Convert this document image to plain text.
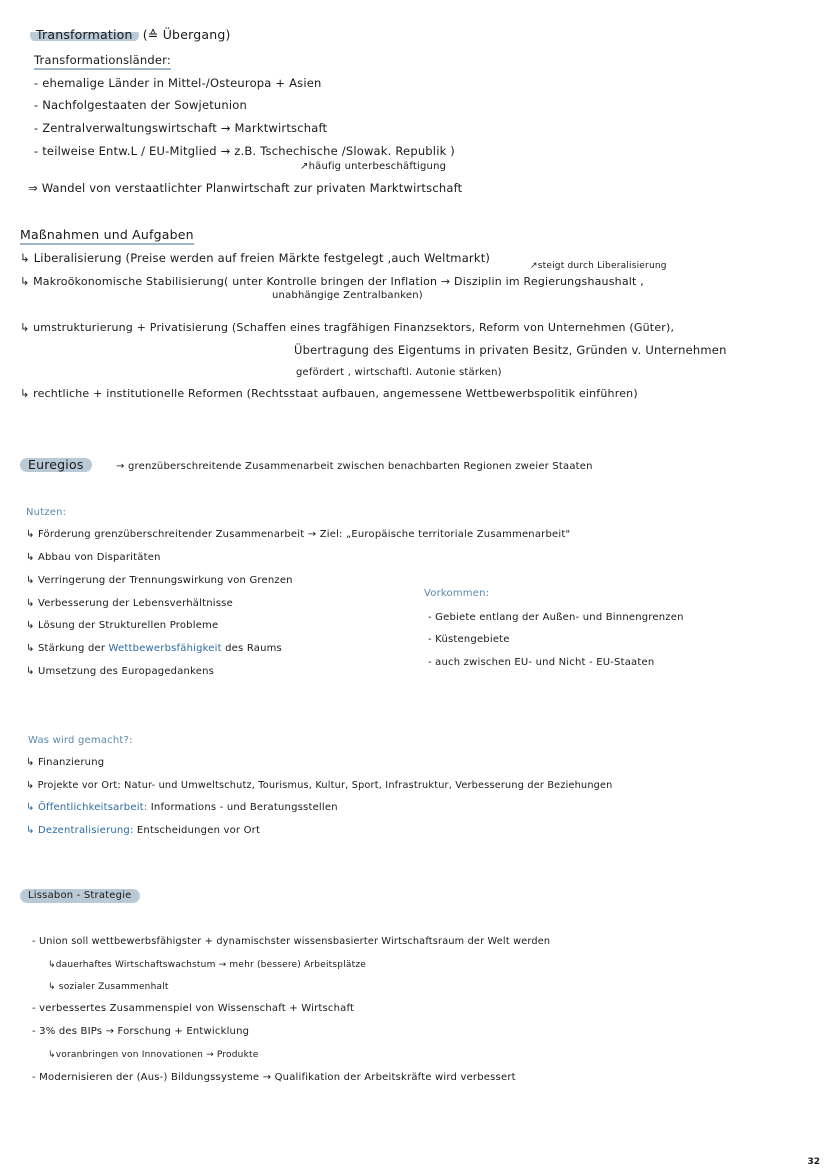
Transformation (≙ Übergang)
Transformationsländer:
- ehemalige Länder in Mittel-/Osteuropa + Asien
- Nachfolgestaaten der Sowjetunion
- Zentralverwaltungswirtschaft → Marktwirtschaft
- teilweise Entw.L / EU-Mitglied → z.B. Tschechische /Slowak. Republik )
↗häufig unterbeschäftigung
⇒ Wandel von verstaatlichter Planwirtschaft zur privaten Marktwirtschaft
Maßnahmen und Aufgaben
↳ Liberalisierung (Preise werden auf freien Märkte festgelegt ,auch Weltmarkt)
↗steigt durch Liberalisierung
↳ Makroökonomische Stabilisierung( unter Kontrolle bringen der Inflation → Disziplin im Regierungshaushalt ,
unabhängige Zentralbanken)
↳ umstrukturierung + Privatisierung (Schaffen eines tragfähigen Finanzsektors, Reform von Unternehmen (Güter),
Übertragung des Eigentums in privaten Besitz, Gründen v. Unternehmen
gefördert , wirtschaftl. Autonie stärken)
↳ rechtliche + institutionelle Reformen (Rechtsstaat aufbauen, angemessene Wettbewerbspolitik einführen)
Euregios	→ grenzüberschreitende Zusammenarbeit zwischen benachbarten Regionen zweier Staaten
Nutzen:
↳ Förderung grenzüberschreitender Zusammenarbeit → Ziel: „Europäische territoriale Zusammenarbeit"
↳ Abbau von Disparitäten
↳ Verringerung der Trennungswirkung von Grenzen
↳ Verbesserung der Lebensverhältnisse
↳ Lösung der Strukturellen Probleme
↳ Stärkung der Wettbewerbsfähigkeit des Raums
↳ Umsetzung des Europagedankens
Vorkommen:
- Gebiete entlang der Außen- und Binnengrenzen
- Küstengebiete
- auch zwischen EU- und Nicht - EU-Staaten
Was wird gemacht?:
↳ Finanzierung
↳ Projekte vor Ort: Natur- und Umweltschutz, Tourismus, Kultur, Sport, Infrastruktur, Verbesserung der Beziehungen
↳ Öffentlichkeitsarbeit: Informations - und Beratungsstellen
↳ Dezentralisierung: Entscheidungen vor Ort
Lissabon - Strategie
- Union soll wettbewerbsfähigster + dynamischster wissensbasierter Wirtschaftsraum der Welt werden
↳dauerhaftes Wirtschaftswachstum → mehr (bessere) Arbeitsplätze
↳ sozialer Zusammenhalt
- verbessertes Zusammenspiel von Wissenschaft + Wirtschaft
- 3% des BIPs → Forschung + Entwicklung
↳voranbringen von Innovationen → Produkte
- Modernisieren der (Aus-) Bildungssysteme → Qualifikation der Arbeitskräfte wird verbessert
32
